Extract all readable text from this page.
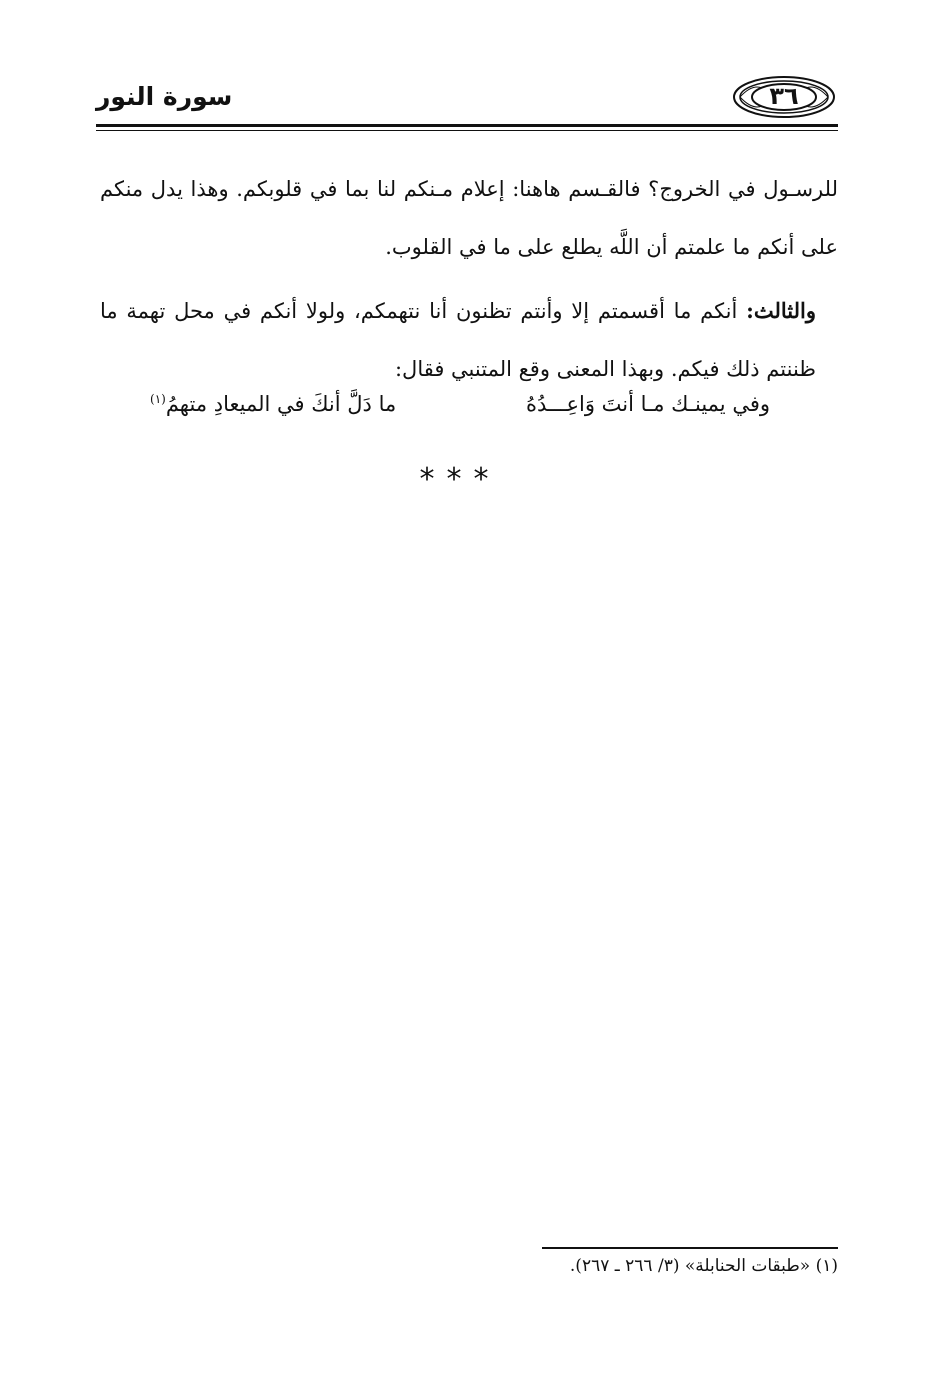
سورة النور	٣٦

للرسـول في الخروج؟ فالقـسم هاهنا: إعلام مـنكم لنا بما في قلوبكم. وهذا يدل منكم على أنكم ما علمتم أن اللَّه يطلع على ما في القلوب.

والثالث: أنكم ما أقسمتم إلا وأنتم تظنون أنا نتهمكم، ولولا أنكم في محل تهمة ما ظننتم ذلك فيكم. وبهذا المعنى وقع المتنبي فقال:

وفي يمينـك مـا أنتَ وَاعِـــدُهُ
ما دَلَّ أنكَ في الميعادِ متهمُ$^{(١)}$
***
(١) «طبقات الحنابلة» (٣/ ٢٦٦ ـ ٢٦٧).
